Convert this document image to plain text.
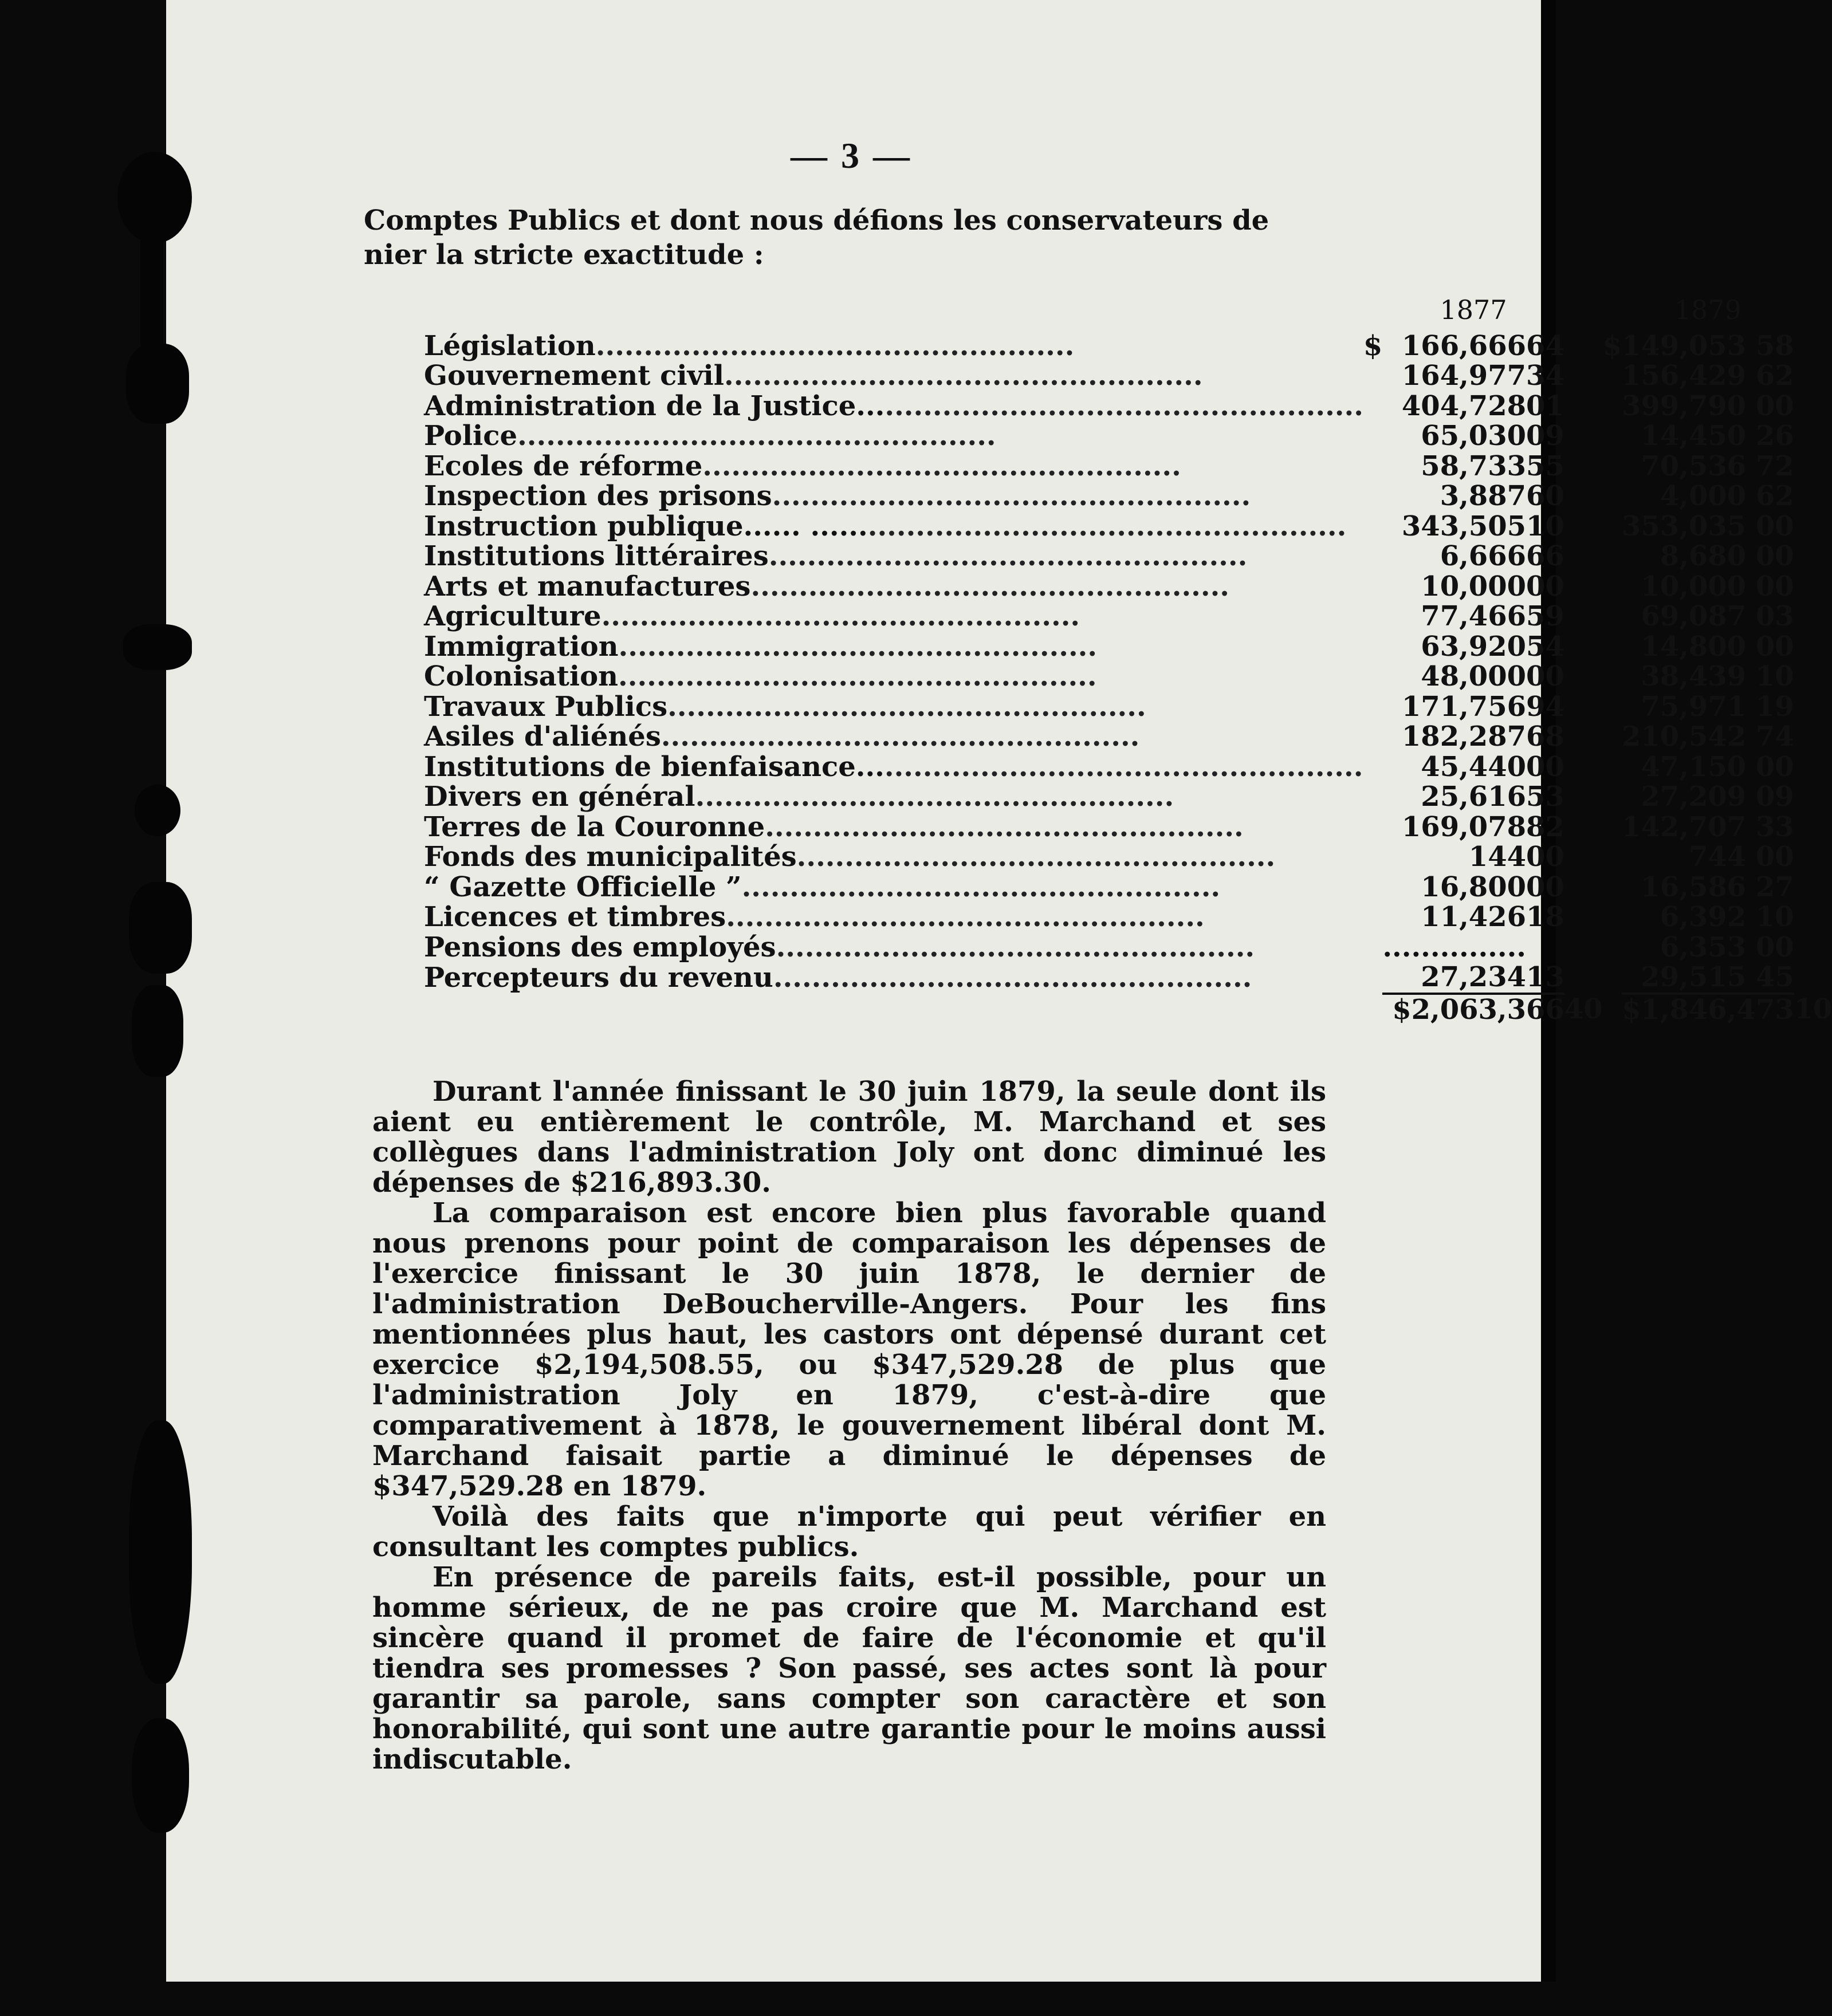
— 3 —
Comptes Publics et dont nous défions les conservateurs de nier la stricte exactitude :
		1877				1879		
Législation..................................................	$	166,666	64		$	149,053	58	
Gouvernement civil..................................................		164,977	34			156,429	62	
Administration de la Justice.....................................................		404,728	01			399,790	00	
Police..................................................		65,030	09			14,450	26	
Ecoles de réforme..................................................		58,733	55			70,536	72	
Inspection des prisons..................................................		3,887	60			4,000	62	
Instruction publique...... ........................................................		343,505	10			353,035	00	
Institutions littéraires..................................................		6,666	66			8,680	00	
Arts et manufactures..................................................		10,000	00			10,000	00	
Agriculture..................................................		77,466	59			69,087	03	
Immigration..................................................		63,920	54			14,800	00	
Colonisation..................................................		48,000	00			38,439	10	
Travaux Publics..................................................		171,756	94			75,971	19	
Asiles d'aliénés..................................................		182,287	68			210,542	74	
Institutions de bienfaisance.....................................................		45,440	00			47,150	00	
Divers en général..................................................		25,616	53			27,209	09	
Terres de la Couronne..................................................		169,078	82			142,707	33	
Fonds des municipalités..................................................		144	00			744	00	
“ Gazette Officielle ”..................................................		16,800	00			16,586	27	
Licences et timbres..................................................		11,426	18			6,392	10	
Pensions des employés..................................................		...............				6,353	00	
Percepteurs du revenu..................................................		27,234	13			29,515	45	
	$2,063,366			40		$1,846,473		10

Durant l'année finissant le 30 juin 1879, la seule dont ils aient eu entièrement le contrôle, M. Marchand et ses collègues dans l'administration Joly ont donc diminué les dépenses de $216,893.30.

La comparaison est encore bien plus favorable quand nous prenons pour point de comparaison les dépenses de l'exercice finissant le 30 juin 1878, le dernier de l'administration DeBoucherville-Angers. Pour les fins mentionnées plus haut, les castors ont dépensé durant cet exercice $2,194,508.55, ou $347,529.28 de plus que l'administration Joly en 1879, c'est-à-dire que comparativement à 1878, le gouvernement libéral dont M. Marchand faisait partie a diminué le dépenses de $347,529.28 en 1879.

Voilà des faits que n'importe qui peut vérifier en consultant les comptes publics.

En présence de pareils faits, est-il possible, pour un homme sérieux, de ne pas croire que M. Marchand est sincère quand il promet de faire de l'économie et qu'il tiendra ses promesses ? Son passé, ses actes sont là pour garantir sa parole, sans compter son caractère et son honorabilité, qui sont une autre garantie pour le moins aussi indiscutable.
